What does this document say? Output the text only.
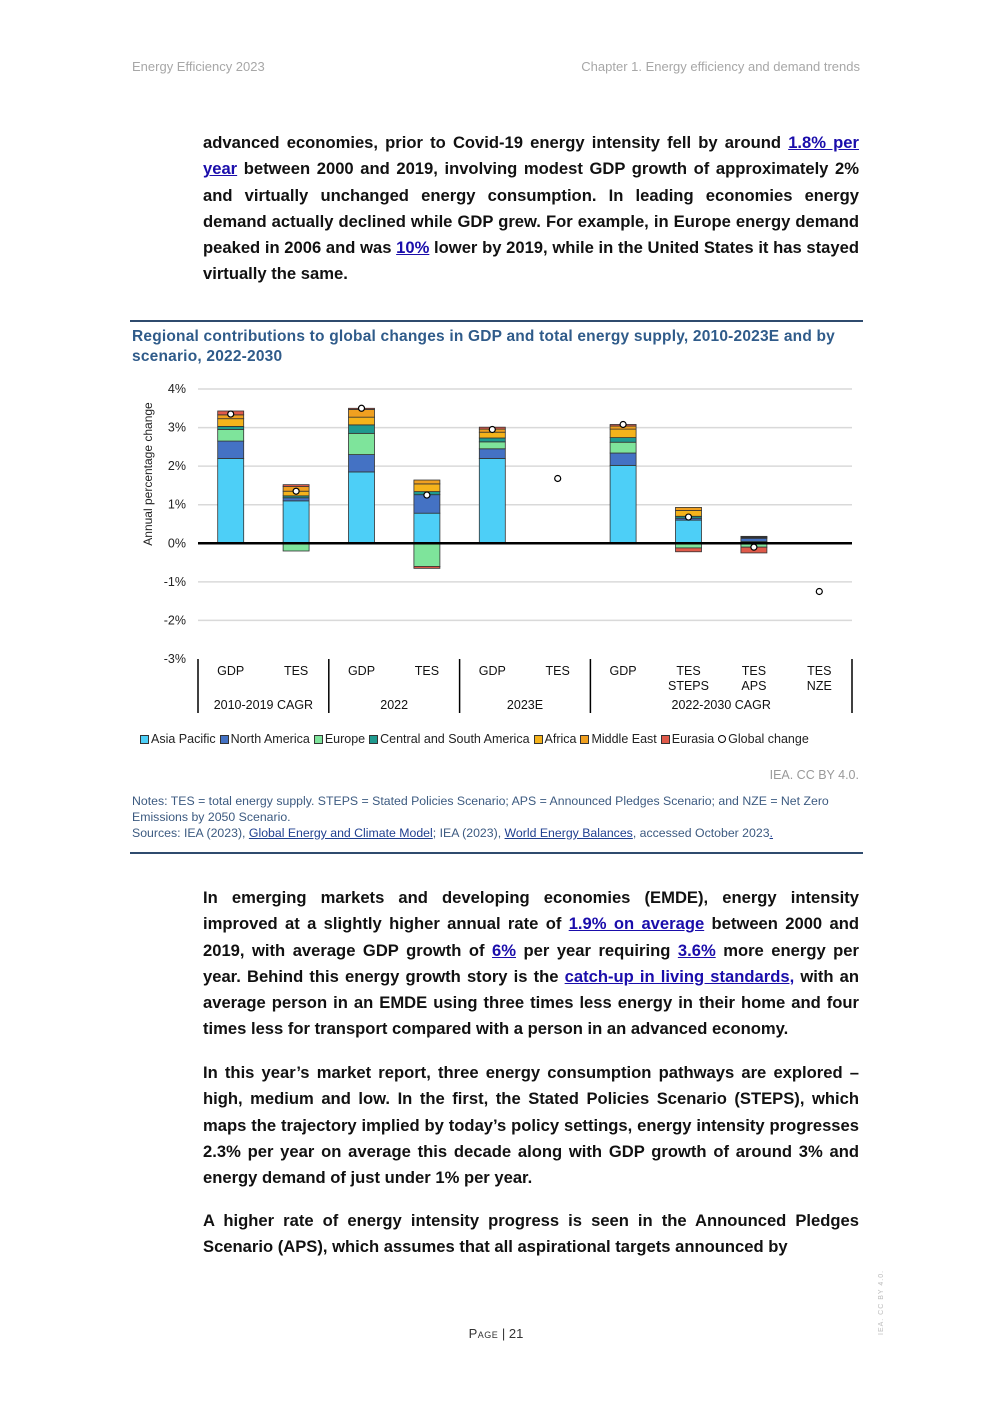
Energy Efficiency 2023	Chapter 1. Energy efficiency and demand trends
advanced economies, prior to Covid-19 energy intensity fell by around 1.8% per year between 2000 and 2019, involving modest GDP growth of approximately 2% and virtually unchanged energy consumption. In leading economies energy demand actually declined while GDP grew. For example, in Europe energy demand peaked in 2006 and was 10% lower by 2019, while in the United States it has stayed virtually the same.
Regional contributions to global changes in GDP and total energy supply, 2010-2023E and by scenario, 2022-2030
Annual percentage change
4%
3%
2%
1%
0%
-1%
-2%
-3%
GDP	TES	GDP	TES	GDP	TES	GDP	TES
STEPS
TES
APS
TES
NZE
2010-2019 CAGR	2022	2023E	2022-2030 CAGR
Asia Pacific North America Europe Central and South America Africa Middle East Eurasia Global change
IEA. CC BY 4.0.
Notes: TES = total energy supply. STEPS = Stated Policies Scenario; APS = Announced Pledges Scenario; and NZE = Net Zero Emissions by 2050 Scenario.
Sources: IEA (2023), Global Energy and Climate Model; IEA (2023), World Energy Balances, accessed October 2023.
In emerging markets and developing economies (EMDE), energy intensity improved at a slightly higher annual rate of 1.9% on average between 2000 and 2019, with average GDP growth of 6% per year requiring 3.6% more energy per year. Behind this energy growth story is the catch-up in living standards, with an average person in an EMDE using three times less energy in their home and four times less for transport compared with a person in an advanced economy.
In this year’s market report, three energy consumption pathways are explored – high, medium and low. In the first, the Stated Policies Scenario (STEPS), which maps the trajectory implied by today’s policy settings, energy intensity progresses 2.3% per year on average this decade along with GDP growth of around 3% and energy demand of just under 1% per year.
A higher rate of energy intensity progress is seen in the Announced Pledges Scenario (APS), which assumes that all aspirational targets announced by
Page | 21	IEA. CC BY 4.0.
